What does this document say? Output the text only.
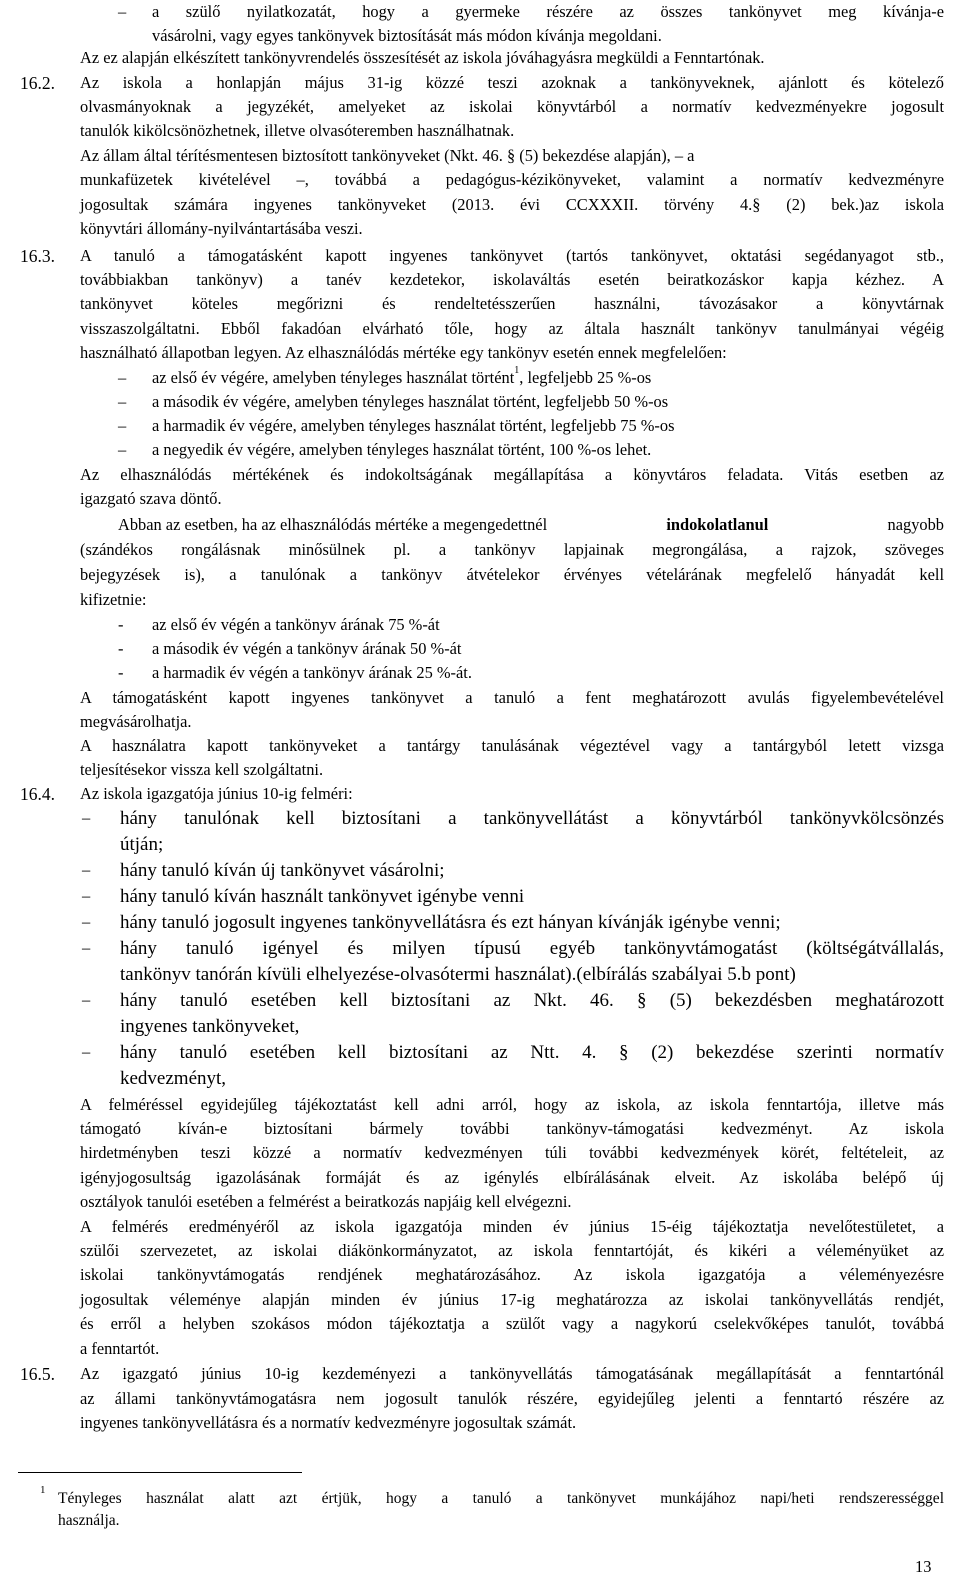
– a szülő nyilatkozatát, hogy a gyermeke részére az összes tankönyvet meg kívánja-e
vásárolni, vagy egyes tankönyvek biztosítását más módon kívánja megoldani.
Az ez alapján elkészített tankönyvrendelés összesítését az iskola jóváhagyásra megküldi a Fenntartónak.
16.2. Az iskola a honlapján május 31-ig közzé teszi azoknak a tankönyveknek, ajánlott és kötelező
olvasmányoknak a jegyzékét, amelyeket az iskolai könyvtárból a normatív kedvezményekre jogosult
tanulók kikölcsönözhetnek, illetve olvasóteremben használhatnak.
Az állam által térítésmentesen biztosított tankönyveket (Nkt. 46. § (5) bekezdése alapján), – a
munkafüzetek kivételével –, továbbá a pedagógus-kézikönyveket, valamint a normatív kedvezményre
jogosultak számára ingyenes tankönyveket (2013. évi CCXXXII. törvény 4.§ (2) bek.)az iskola
könyvtári állomány-nyilvántartásába veszi.
16.3. A tanuló a támogatásként kapott ingyenes tankönyvet (tartós tankönyvet, oktatási segédanyagot stb.,
továbbiakban tankönyv) a tanév kezdetekor, iskolaváltás esetén beiratkozáskor kapja kézhez. A
tankönyvet köteles megőrizni és rendeltetésszerűen használni, távozásakor a könyvtárnak
visszaszolgáltatni. Ebből fakadóan elvárható tőle, hogy az általa használt tankönyv tanulmányai végéig
használható állapotban legyen. Az elhasználódás mértéke egy tankönyv esetén ennek megfelelően:
– az első év végére, amelyben tényleges használat történt$^1$, legfeljebb 25 %-os
– a második év végére, amelyben tényleges használat történt, legfeljebb 50 %-os
– a harmadik év végére, amelyben tényleges használat történt, legfeljebb 75 %-os
– a negyedik év végére, amelyben tényleges használat történt, 100 %-os lehet.
Az elhasználódás mértékének és indokoltságának megállapítása a könyvtáros feladata. Vitás esetben az
igazgató szava döntő.
Abban az esetben, ha az elhasználódás mértéke a megengedettnél	indokolatlanul	nagyobb
(szándékos rongálásnak minősülnek pl. a tankönyv lapjainak megrongálása, a rajzok, szöveges
bejegyzések is), a tanulónak a tankönyv átvételekor érvényes vételárának megfelelő hányadát kell
kifizetnie:
- az első év végén a tankönyv árának 75 %-át
- a második év végén a tankönyv árának 50 %-át
- a harmadik év végén a tankönyv árának 25 %-át.
A támogatásként kapott ingyenes tankönyvet a tanuló a fent meghatározott avulás figyelembevételével
megvásárolhatja.
A használatra kapott tankönyveket a tantárgy tanulásának végeztével vagy a tantárgyból letett vizsga
teljesítésekor vissza kell szolgáltatni.
16.4. Az iskola igazgatója június 10-ig felméri:
– hány tanulónak kell biztosítani a tankönyvellátást a könyvtárból tankönyvkölcsönzés
útján;
– hány tanuló kíván új tankönyvet vásárolni;
– hány tanuló kíván használt tankönyvet igénybe venni
– hány tanuló jogosult ingyenes tankönyvellátásra és ezt hányan kívánják igénybe venni;
– hány tanuló igényel és milyen típusú egyéb tankönyvtámogatást (költségátvállalás,
tankönyv tanórán kívüli elhelyezése-olvasótermi használat).(elbírálás szabályai 5.b pont)
– hány tanuló esetében kell biztosítani az Nkt. 46. § (5) bekezdésben meghatározott
ingyenes tankönyveket,
– hány tanuló esetében kell biztosítani az Ntt. 4. § (2) bekezdése szerinti normatív
kedvezményt,
A felméréssel egyidejűleg tájékoztatást kell adni arról, hogy az iskola, az iskola fenntartója, illetve más
támogató kíván-e biztosítani bármely további tankönyv-támogatási kedvezményt. Az iskola
hirdetményben teszi közzé a normatív kedvezményen túli további kedvezmények körét, feltételeit, az
igényjogosultság igazolásának formáját és az igénylés elbírálásának elveit. Az iskolába belépő új
osztályok tanulói esetében a felmérést a beiratkozás napjáig kell elvégezni.
A felmérés eredményéről az iskola igazgatója minden év június 15-éig tájékoztatja nevelőtestületet, a
szülői szervezetet, az iskolai diákönkormányzatot, az iskola fenntartóját, és kikéri a véleményüket az
iskolai tankönyvtámogatás rendjének meghatározásához. Az iskola igazgatója a véleményezésre
jogosultak véleménye alapján minden év június 17-ig meghatározza az iskolai tankönyvellátás rendjét,
és erről a helyben szokásos módon tájékoztatja a szülőt vagy a nagykorú cselekvőképes tanulót, továbbá
a fenntartót.
16.5. Az igazgató június 10-ig kezdeményezi a tankönyvellátás támogatásának megállapítását a fenntartónál
az állami tankönyvtámogatásra nem jogosult tanulók részére, egyidejűleg jelenti a fenntartó részére az
ingyenes tankönyvellátásra és a normatív kedvezményre jogosultak számát.
1 Tényleges használat alatt azt értjük, hogy a tanuló a tankönyvet munkájához napi/heti rendszerességgel
használja.
13
